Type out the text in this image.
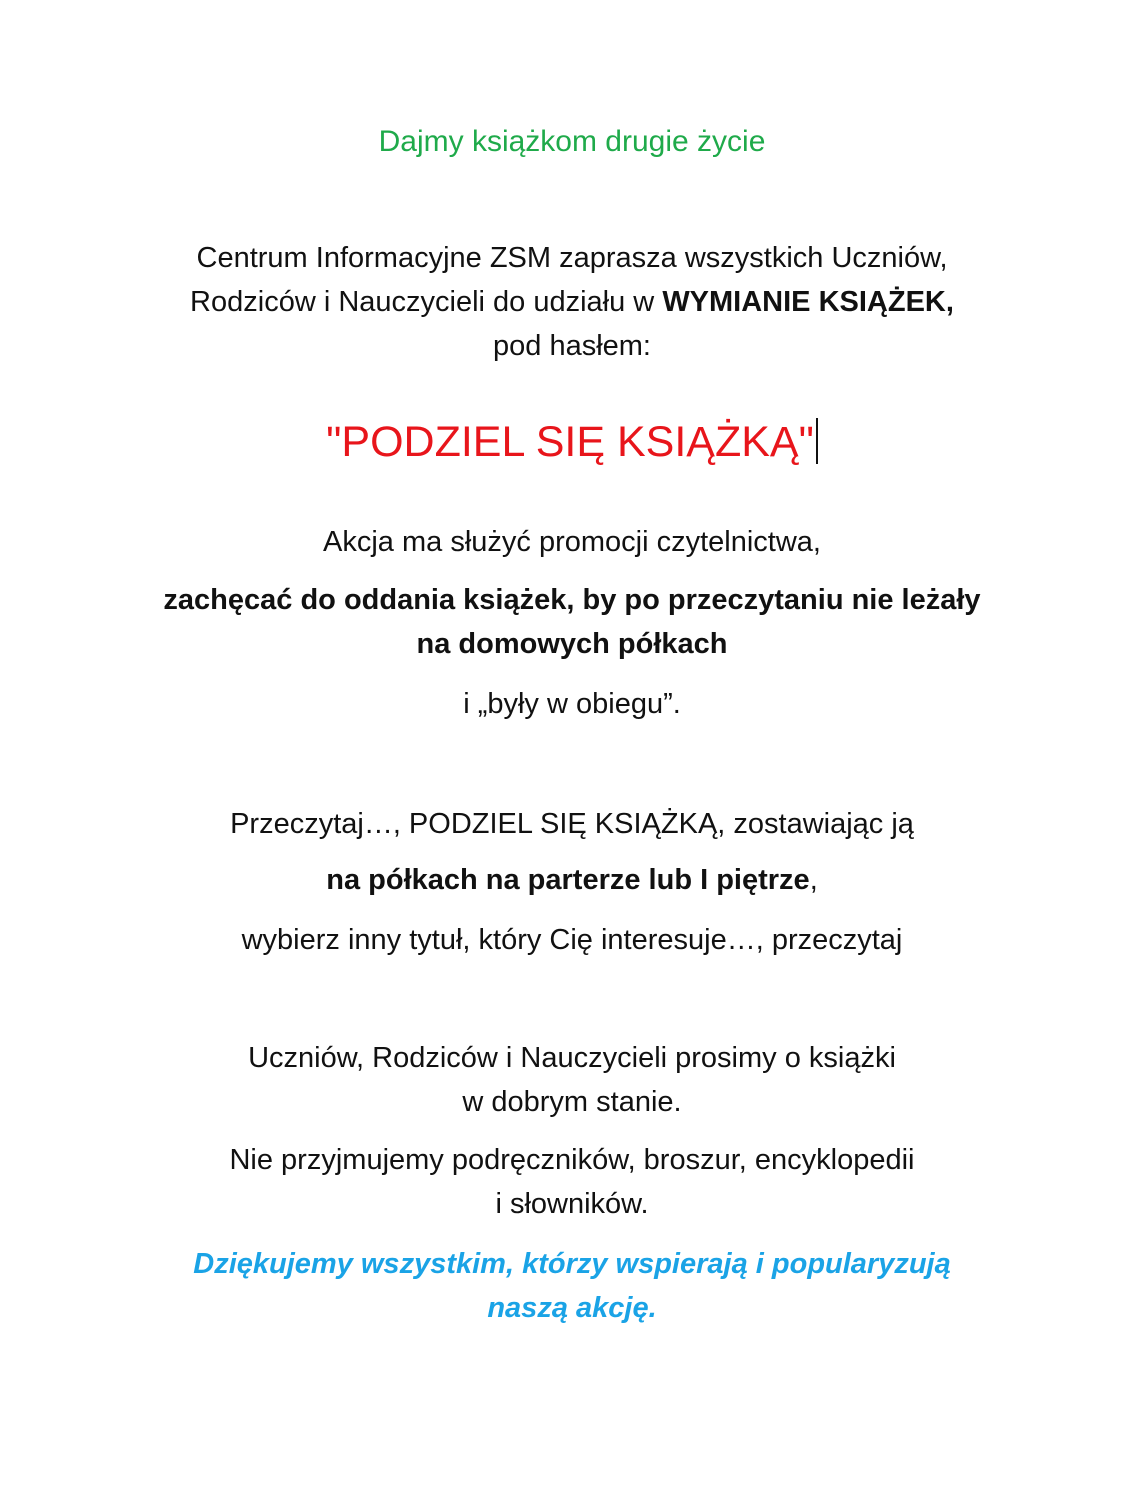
Dajmy książkom drugie życie
Centrum Informacyjne ZSM zaprasza wszystkich Uczniów,
Rodziców i Nauczycieli do udziału w WYMIANIE KSIĄŻEK,
pod hasłem:
"PODZIEL SIĘ KSIĄŻKĄ"
Akcja ma służyć promocji czytelnictwa,
zachęcać do oddania książek, by po przeczytaniu nie leżały
na domowych półkach
i „były w obiegu”.
Przeczytaj…, PODZIEL SIĘ KSIĄŻKĄ, zostawiając ją
na półkach na parterze lub I piętrze,
wybierz inny tytuł, który Cię interesuje…, przeczytaj
Uczniów, Rodziców i Nauczycieli prosimy o książki
w dobrym stanie.
Nie przyjmujemy podręczników, broszur, encyklopedii
i słowników.
Dziękujemy wszystkim, którzy wspierają i popularyzują
naszą akcję.
